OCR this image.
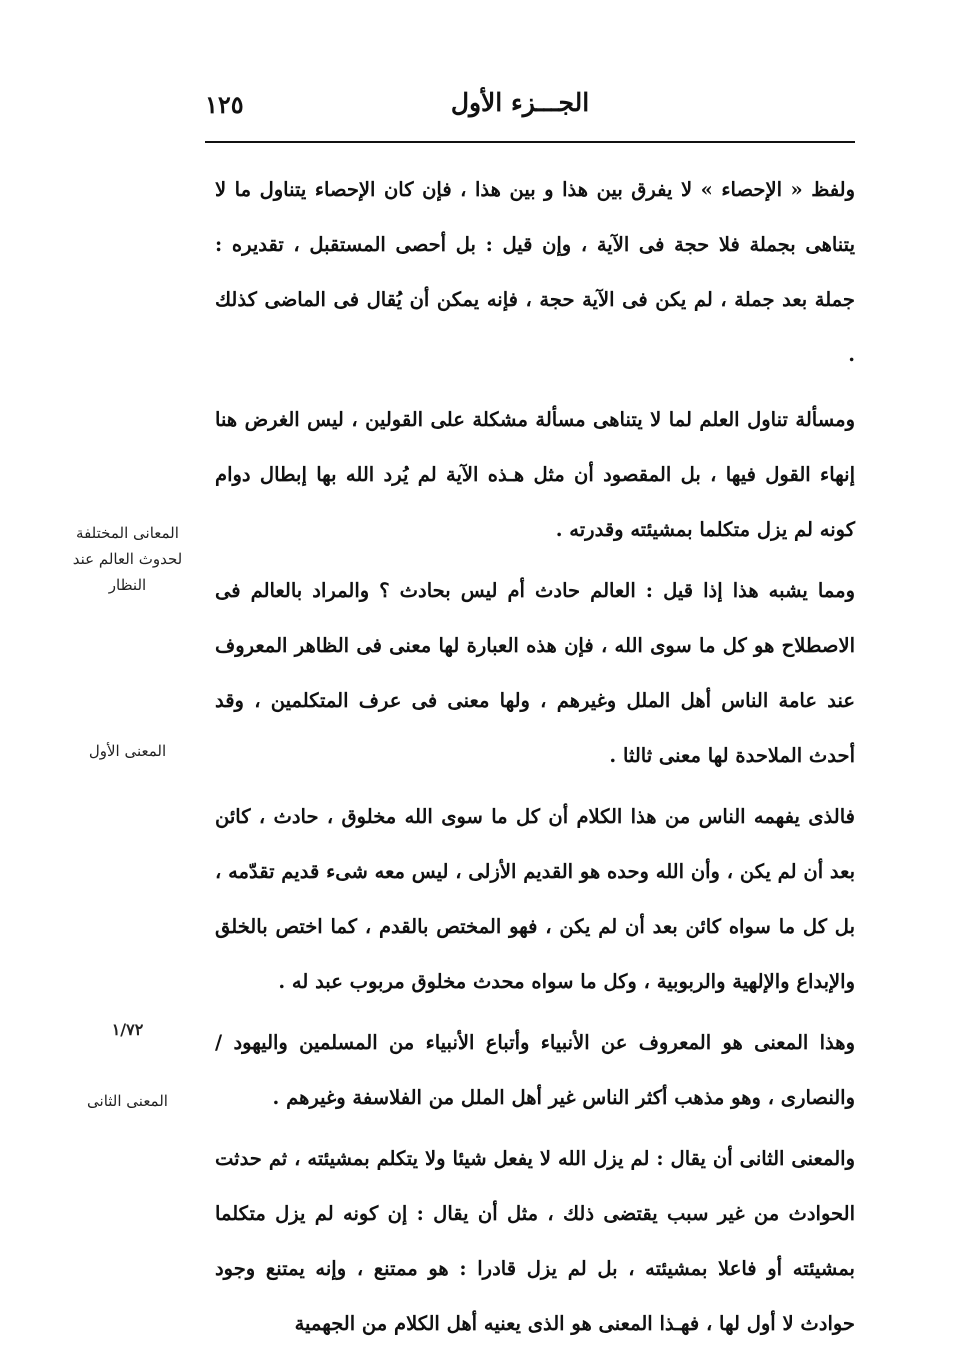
الجـــزء الأول
١٢٥

ولفظ « الإحصاء » لا يفرق بين هذا و بين هذا ، فإن كان الإحصاء يتناول ما لا يتناهى بجملة فلا حجة فى الآية ، وإن قيل : بل أحصى المستقبل ، تقديره : جملة بعد جملة ، لم يكن فى الآية حجة ، فإنه يمكن أن يُقال فى الماضى كذلك .

ومسألة تناول العلم لما لا يتناهى مسألة مشكلة على القولين ، ليس الغرض هنا إنهاء القول فيها ، بل المقصود أن مثل هـذه الآية لم يُرد الله بها إبطال دوام كونه لم يزل متكلما بمشيئته وقدرته .

ومما يشبه هذا إذا قيل : العالم حادث أم ليس بحادث ؟ والمراد بالعالم فى الاصطلاح هو كل ما سوى الله ، فإن هذه العبارة لها معنى فى الظاهر المعروف عند عامة الناس أهل الملل وغيرهم ، ولها معنى فى عرف المتكلمين ، وقد أحدث الملاحدة لها معنى ثالثا .

فالذى يفهمه الناس من هذا الكلام أن كل ما سوى الله مخلوق ، حادث ، كائن بعد أن لم يكن ، وأن الله وحده هو القديم الأزلى ، ليس معه شىء قديم تقدّمه ، بل كل ما سواه كائن بعد أن لم يكن ، فهو المختص بالقدم ، كما اختص بالخلق والإبداع والإلهية والربوبية ، وكل ما سواه محدث مخلوق مربوب عبد له .

وهذا المعنى هو المعروف عن الأنبياء وأتباع الأنبياء من المسلمين واليهود / والنصارى ، وهو مذهب أكثر الناس غير أهل الملل من الفلاسفة وغيرهم .

والمعنى الثانى أن يقال : لم يزل الله لا يفعل شيئا ولا يتكلم بمشيئته ، ثم حدثت الحوادث من غير سبب يقتضى ذلك ، مثل أن يقال : إن كونه لم يزل متكلما بمشيئته أو فاعلا بمشيئته ، بل لم يزل قادرا : هو ممتنع ، وإنه يمتنع وجود حوادث لا أول لها ، فهـذا المعنى هو الذى يعنيه أهل الكلام من الجهمية

المعانى المختلفة لحدوث العالم عند النظار
المعنى الأول
١/٧٢
المعنى الثانى
